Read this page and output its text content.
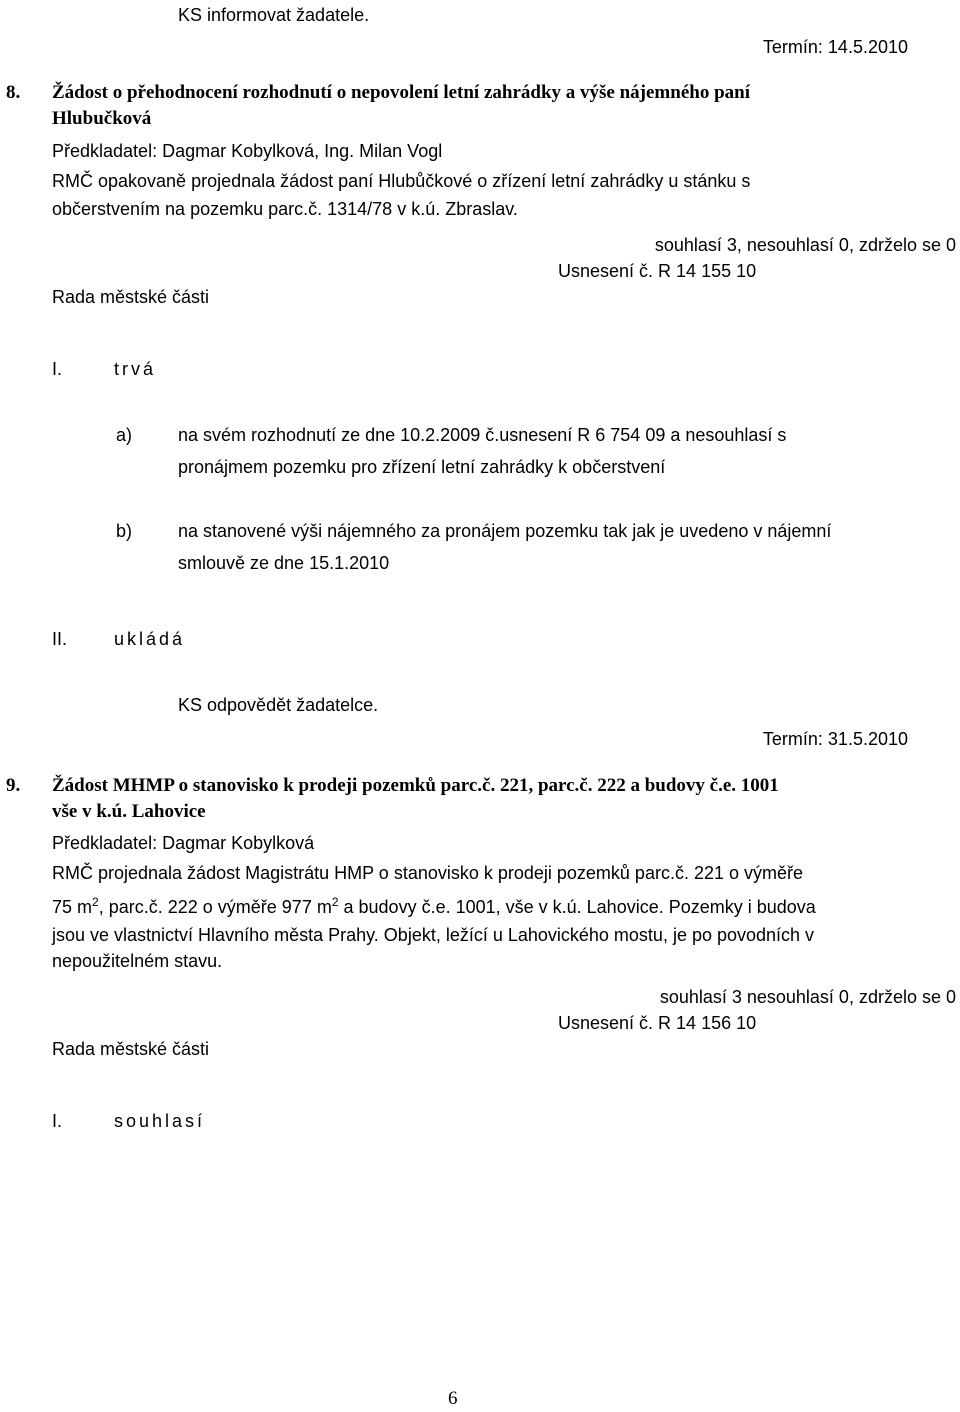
KS informovat žadatele.
Termín: 14.5.2010
8. Žádost o přehodnocení rozhodnutí o nepovolení letní zahrádky a výše nájemného paní
Hlubučková
Předkladatel: Dagmar Kobylková, Ing. Milan Vogl
RMČ opakovaně projednala žádost paní Hlubůčkové o zřízení letní zahrádky u stánku s
občerstvením na pozemku parc.č. 1314/78 v k.ú. Zbraslav.
souhlasí 3, nesouhlasí 0, zdrželo se 0
Usnesení č. R 14 155 10
Rada městské části
I.	trvá
a)	na svém rozhodnutí ze dne 10.2.2009 č.usnesení R 6 754 09 a nesouhlasí s
pronájmem pozemku pro zřízení letní zahrádky k občerstvení
b)	na stanovené výši nájemného za pronájem pozemku tak jak je uvedeno v nájemní
smlouvě ze dne 15.1.2010
II.	ukládá
KS odpovědět žadatelce.
Termín: 31.5.2010
9. Žádost MHMP o stanovisko k prodeji pozemků parc.č. 221, parc.č. 222 a budovy č.e. 1001
vše v k.ú. Lahovice
Předkladatel: Dagmar Kobylková
RMČ projednala žádost Magistrátu HMP o stanovisko k prodeji pozemků parc.č. 221 o výměře
75 $m^2$, parc.č. 222 o výměře 977 $m^2$ a budovy č.e. 1001, vše v k.ú. Lahovice. Pozemky i budova
jsou ve vlastnictví Hlavního města Prahy. Objekt, ležící u Lahovického mostu, je po povodních v
nepoužitelném stavu.
souhlasí 3 nesouhlasí 0, zdrželo se 0
Usnesení č. R 14 156 10
Rada městské části
I.	souhlasí
6
